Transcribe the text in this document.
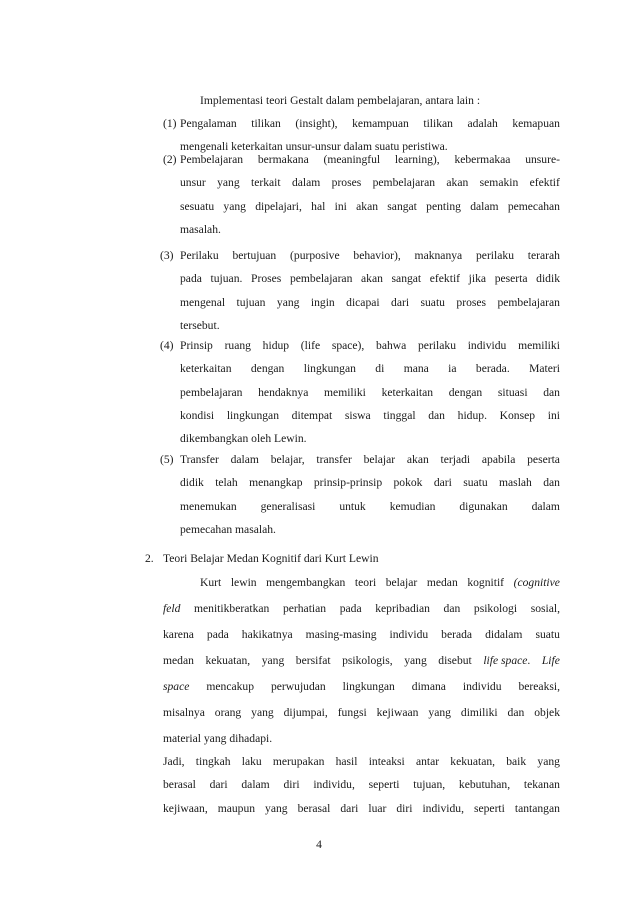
Implementasi teori Gestalt dalam pembelajaran, antara lain :
(1) Pengalaman tilikan (insight), kemampuan tilikan adalah kemapuan
mengenali keterkaitan unsur-unsur dalam suatu peristiwa.
(2) Pembelajaran bermakana (meaningful learning), kebermakaa unsure-
unsur yang terkait dalam proses pembelajaran akan semakin efektif
sesuatu yang dipelajari, hal ini akan sangat penting dalam pemecahan
masalah.
(3) Perilaku bertujuan (purposive behavior), maknanya perilaku terarah
pada tujuan. Proses pembelajaran akan sangat efektif jika peserta didik
mengenal tujuan yang ingin dicapai dari suatu proses pembelajaran
tersebut.
(4) Prinsip ruang hidup (life space), bahwa perilaku individu memiliki
keterkaitan dengan lingkungan di mana ia berada. Materi
pembelajaran hendaknya memiliki keterkaitan dengan situasi dan
kondisi lingkungan ditempat siswa tinggal dan hidup. Konsep ini
dikembangkan oleh Lewin.
(5) Transfer dalam belajar, transfer belajar akan terjadi apabila peserta
didik telah menangkap prinsip-prinsip pokok dari suatu maslah dan
menemukan generalisasi untuk kemudian digunakan dalam
pemecahan masalah.
2. Teori Belajar Medan Kognitif dari Kurt Lewin
Kurt lewin mengembangkan teori belajar medan kognitif (cognitive
feld menitikberatkan perhatian pada kepribadian dan psikologi sosial,
karena pada hakikatnya masing-masing individu berada didalam suatu
medan kekuatan, yang bersifat psikologis, yang disebut life space. Life
space mencakup perwujudan lingkungan dimana individu bereaksi,
misalnya orang yang dijumpai, fungsi kejiwaan yang dimiliki dan objek
material yang dihadapi.
Jadi, tingkah laku merupakan hasil inteaksi antar kekuatan, baik yang
berasal dari dalam diri individu, seperti tujuan, kebutuhan, tekanan
kejiwaan, maupun yang berasal dari luar diri individu, seperti tantangan
4
